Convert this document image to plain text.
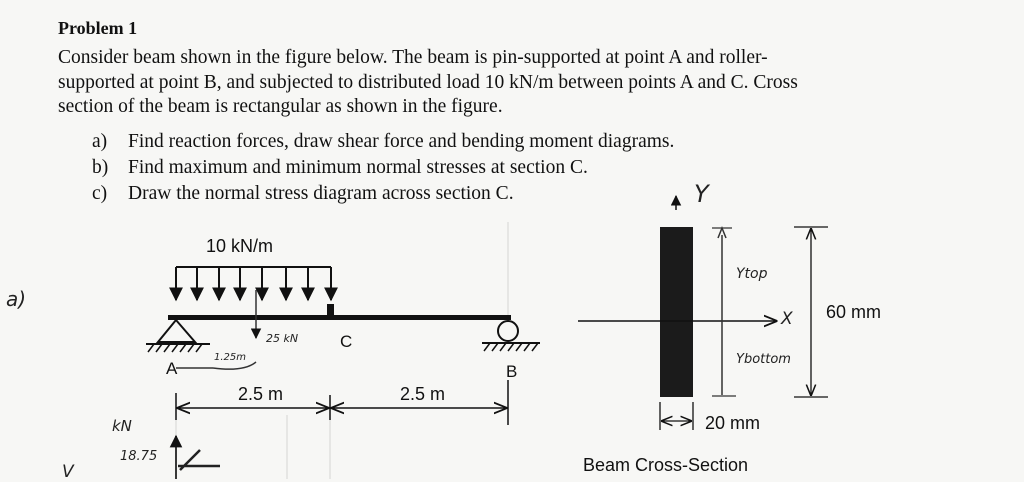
Problem 1
Consider beam shown in the figure below. The beam is pin-supported at point A and roller-
supported at point B, and subjected to distributed load 10 kN/m between points A and C. Cross
section of the beam is rectangular as shown in the figure.
a) Find reaction forces, draw shear force and bending moment diagrams.
b) Find maximum and minimum normal stresses at section C.
c) Draw the normal stress diagram across section C.
10 kN/m
C
A	B
2.5 m	2.5 m
60 mm
20 mm
Beam Cross-Section
a)
25 kN
1.25m
Y
X
Ytop
Ybottom
kN
18.75
V
